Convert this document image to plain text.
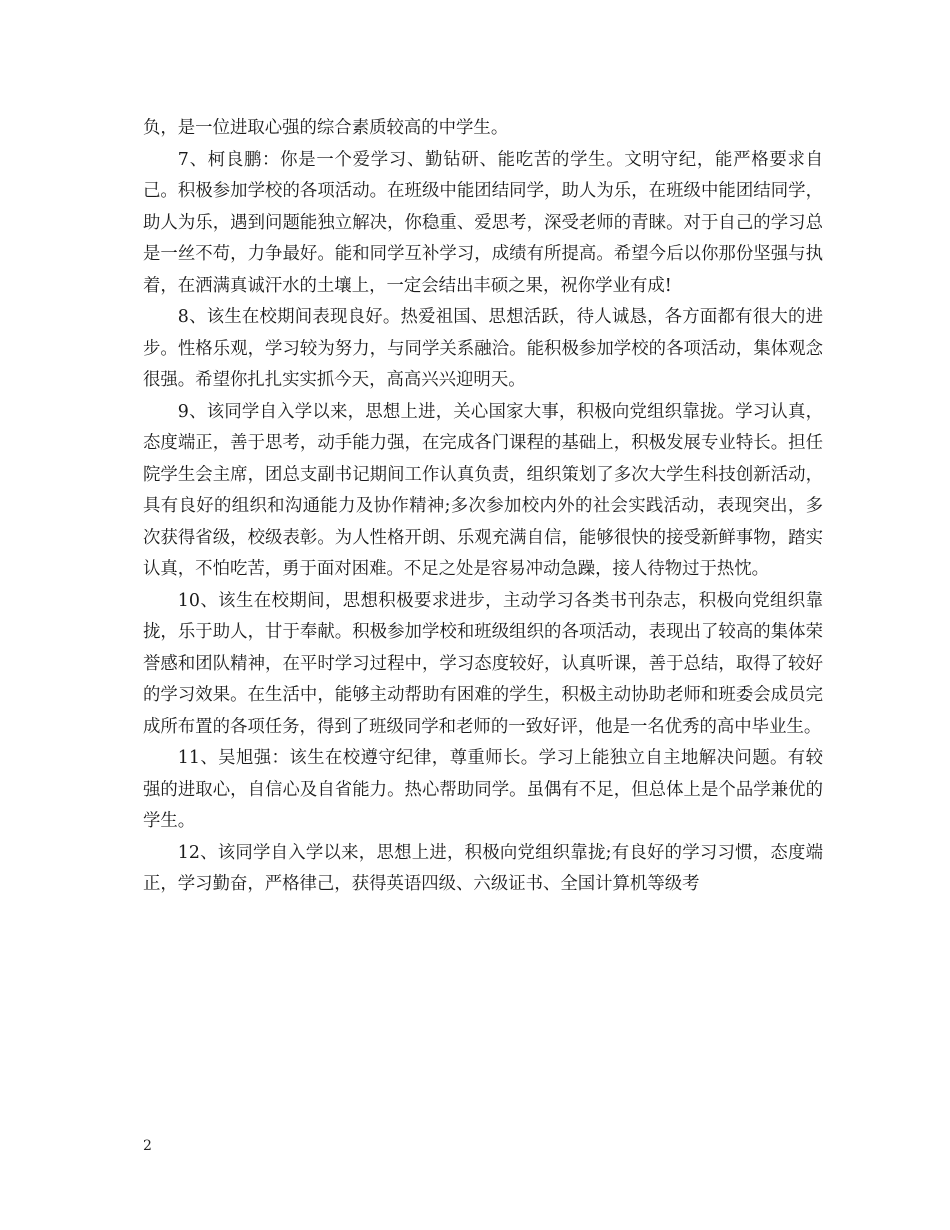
负，是一位进取心强的综合素质较高的中学生。

7、柯良鹏：你是一个爱学习、勤钻研、能吃苦的学生。文明守纪，能严格要求自己。积极参加学校的各项活动。在班级中能团结同学，助人为乐，在班级中能团结同学，助人为乐，遇到问题能独立解决，你稳重、爱思考，深受老师的青睐。对于自己的学习总是一丝不苟，力争最好。能和同学互补学习，成绩有所提高。希望今后以你那份坚强与执着，在洒满真诚汗水的土壤上，一定会结出丰硕之果，祝你学业有成!

8、该生在校期间表现良好。热爱祖国、思想活跃，待人诚恳，各方面都有很大的进步。性格乐观，学习较为努力，与同学关系融洽。能积极参加学校的各项活动，集体观念很强。希望你扎扎实实抓今天，高高兴兴迎明天。

9、该同学自入学以来，思想上进，关心国家大事，积极向党组织靠拢。学习认真，态度端正，善于思考，动手能力强，在完成各门课程的基础上，积极发展专业特长。担任院学生会主席，团总支副书记期间工作认真负责，组织策划了多次大学生科技创新活动，具有良好的组织和沟通能力及协作精神;多次参加校内外的社会实践活动，表现突出，多次获得省级，校级表彰。为人性格开朗、乐观充满自信，能够很快的接受新鲜事物，踏实认真，不怕吃苦，勇于面对困难。不足之处是容易冲动急躁，接人待物过于热忱。

10、该生在校期间，思想积极要求进步，主动学习各类书刊杂志，积极向党组织靠拢，乐于助人，甘于奉献。积极参加学校和班级组织的各项活动，表现出了较高的集体荣誉感和团队精神，在平时学习过程中，学习态度较好，认真听课，善于总结，取得了较好的学习效果。在生活中，能够主动帮助有困难的学生，积极主动协助老师和班委会成员完成所布置的各项任务，得到了班级同学和老师的一致好评，他是一名优秀的高中毕业生。

11、吴旭强：该生在校遵守纪律，尊重师长。学习上能独立自主地解决问题。有较强的进取心，自信心及自省能力。热心帮助同学。虽偶有不足，但总体上是个品学兼优的学生。

12、该同学自入学以来，思想上进，积极向党组织靠拢;有良好的学习习惯，态度端正，学习勤奋，严格律己，获得英语四级、六级证书、全国计算机等级考

2
